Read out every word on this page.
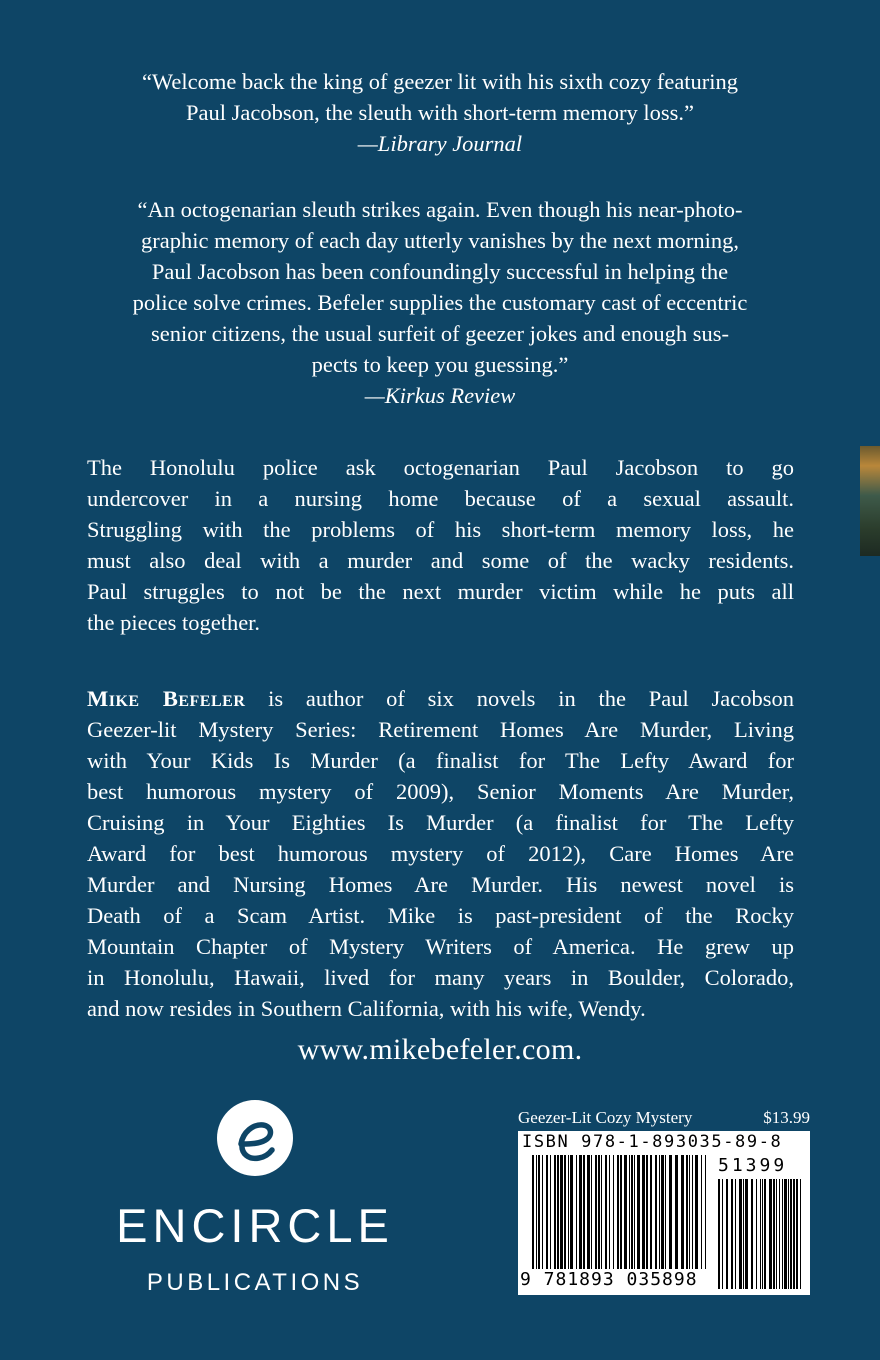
“Welcome back the king of geezer lit with his sixth cozy featuring
Paul Jacobson, the sleuth with short-term memory loss.”
—Library Journal
“An octogenarian sleuth strikes again. Even though his near-photo-
graphic memory of each day utterly vanishes by the next morning,
Paul Jacobson has been confoundingly successful in helping the
police solve crimes. Befeler supplies the customary cast of eccentric
senior citizens, the usual surfeit of geezer jokes and enough sus-
pects to keep you guessing.”
—Kirkus Review
The Honolulu police ask octogenarian Paul Jacobson to go
undercover in a nursing home because of a sexual assault.
Struggling with the problems of his short-term memory loss, he
must also deal with a murder and some of the wacky residents.
Paul struggles to not be the next murder victim while he puts all
the pieces together.
Mike Befeler is author of six novels in the Paul Jacobson
Geezer-lit Mystery Series: Retirement Homes Are Murder, Living
with Your Kids Is Murder (a finalist for The Lefty Award for
best humorous mystery of 2009), Senior Moments Are Murder,
Cruising in Your Eighties Is Murder (a finalist for The Lefty
Award for best humorous mystery of 2012), Care Homes Are
Murder and Nursing Homes Are Murder. His newest novel is
Death of a Scam Artist. Mike is past-president of the Rocky
Mountain Chapter of Mystery Writers of America. He grew up
in Honolulu, Hawaii, lived for many years in Boulder, Colorado,
and now resides in Southern California, with his wife, Wendy.
www.mikebefeler.com.
ENCIRCLE
PUBLICATIONS
Geezer-Lit Cozy Mystery	$13.99
ISBN 978-1-893035-89-8
51399
9 781893 035898
